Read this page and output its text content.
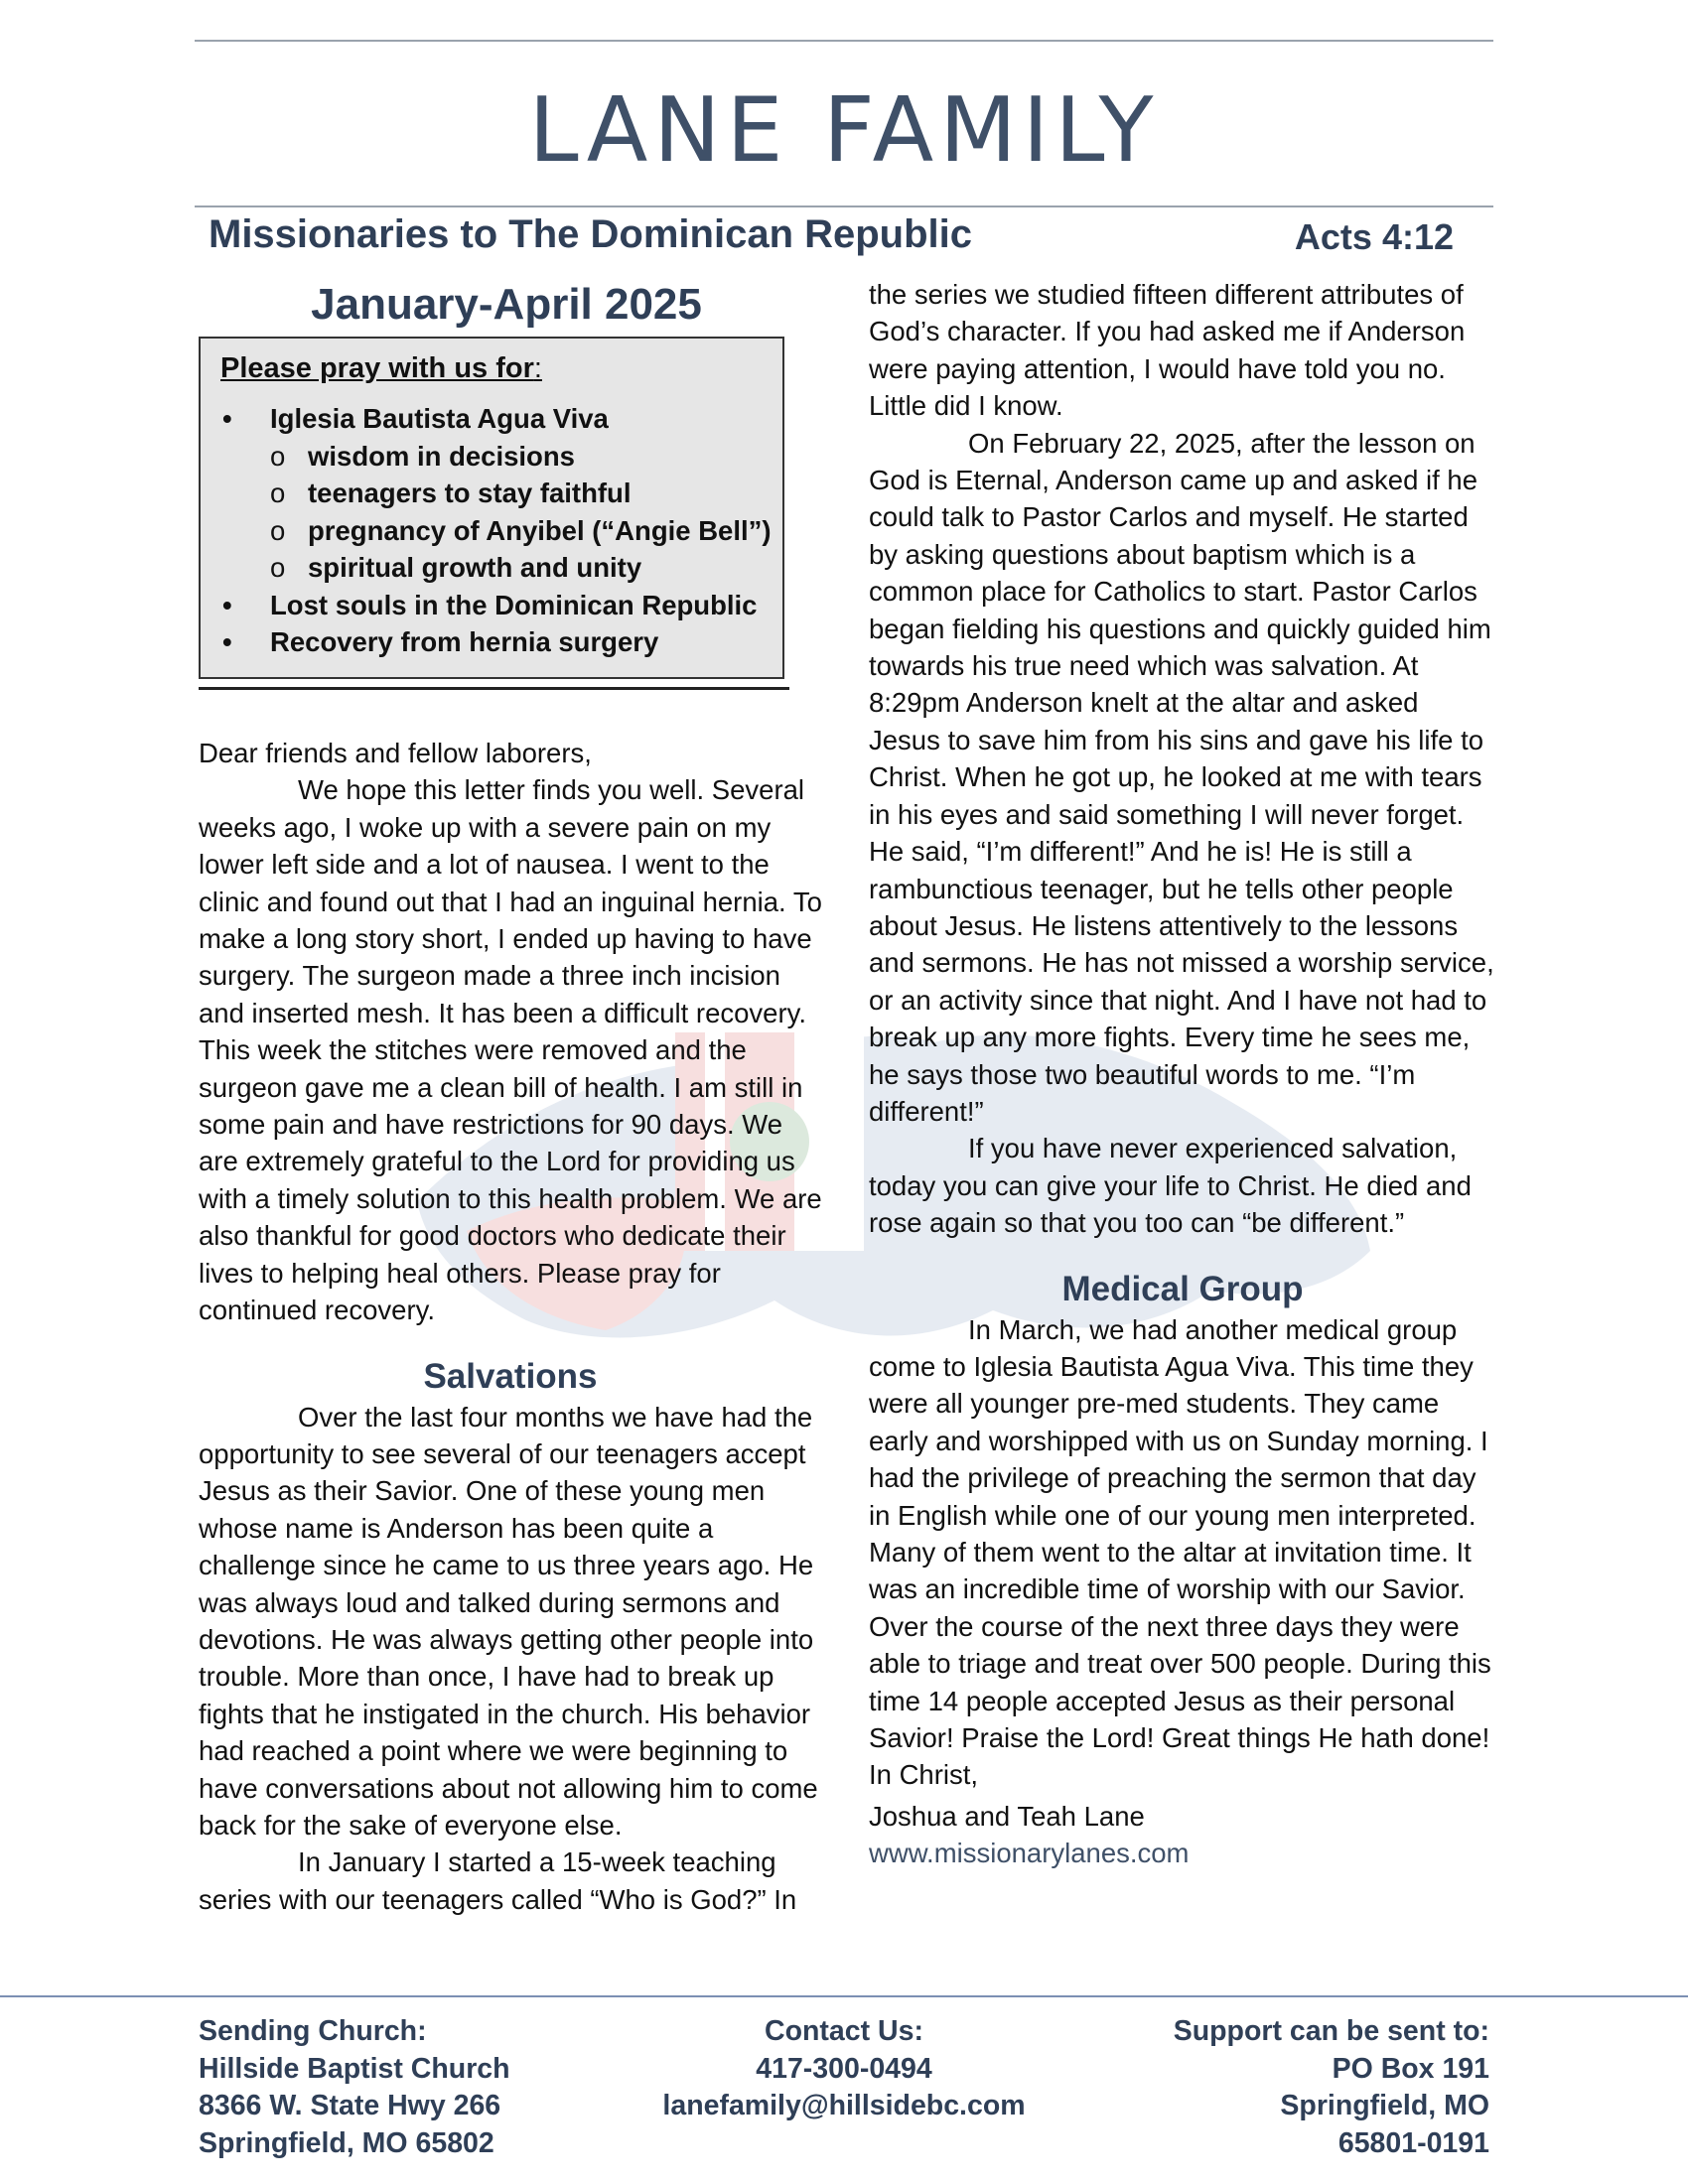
LANE FAMILY
Missionaries to The Dominican Republic	Acts 4:12
January-April 2025
Please pray with us for:
• Iglesia Bautista Agua Viva
o wisdom in decisions
o teenagers to stay faithful
o pregnancy of Anyibel (“Angie Bell”)
o spiritual growth and unity
• Lost souls in the Dominican Republic
• Recovery from hernia surgery

Dear friends and fellow laborers,

We hope this letter finds you well. Several weeks ago, I woke up with a severe pain on my lower left side and a lot of nausea. I went to the clinic and found out that I had an inguinal hernia. To make a long story short, I ended up having to have surgery. The surgeon made a three inch incision and inserted mesh. It has been a difficult recovery. This week the stitches were removed and the surgeon gave me a clean bill of health. I am still in some pain and have restrictions for 90 days. We are extremely grateful to the Lord for providing us with a timely solution to this health problem. We are also thankful for good doctors who dedicate their lives to helping heal others. Please pray for continued recovery.

Salvations

Over the last four months we have had the opportunity to see several of our teenagers accept Jesus as their Savior. One of these young men whose name is Anderson has been quite a challenge since he came to us three years ago. He was always loud and talked during sermons and devotions. He was always getting other people into trouble. More than once, I have had to break up fights that he instigated in the church. His behavior had reached a point where we were beginning to have conversations about not allowing him to come back for the sake of everyone else.

In January I started a 15-week teaching series with our teenagers called “Who is God?” In

the series we studied fifteen different attributes of God’s character. If you had asked me if Anderson were paying attention, I would have told you no. Little did I know.

On February 22, 2025, after the lesson on God is Eternal, Anderson came up and asked if he could talk to Pastor Carlos and myself. He started by asking questions about baptism which is a common place for Catholics to start. Pastor Carlos began fielding his questions and quickly guided him towards his true need which was salvation. At 8:29pm Anderson knelt at the altar and asked Jesus to save him from his sins and gave his life to Christ. When he got up, he looked at me with tears in his eyes and said something I will never forget. He said, “I’m different!” And he is! He is still a rambunctious teenager, but he tells other people about Jesus. He listens attentively to the lessons and sermons. He has not missed a worship service, or an activity since that night. And I have not had to break up any more fights. Every time he sees me, he says those two beautiful words to me. “I’m different!”

If you have never experienced salvation, today you can give your life to Christ. He died and rose again so that you too can “be different.”

Medical Group

In March, we had another medical group come to Iglesia Bautista Agua Viva. This time they were all younger pre-med students. They came early and worshipped with us on Sunday morning. I had the privilege of preaching the sermon that day in English while one of our young men interpreted. Many of them went to the altar at invitation time. It was an incredible time of worship with our Savior. Over the course of the next three days they were able to triage and treat over 500 people. During this time 14 people accepted Jesus as their personal Savior! Praise the Lord! Great things He hath done!

In Christ,

Joshua and Teah Lane

www.missionarylanes.com

Sending Church:
Hillside Baptist Church
8366 W. State Hwy 266
Springfield, MO 65802
Contact Us:
417-300-0494
lanefamily@hillsidebc.com
Support can be sent to:
PO Box 191
Springfield, MO
65801-0191
